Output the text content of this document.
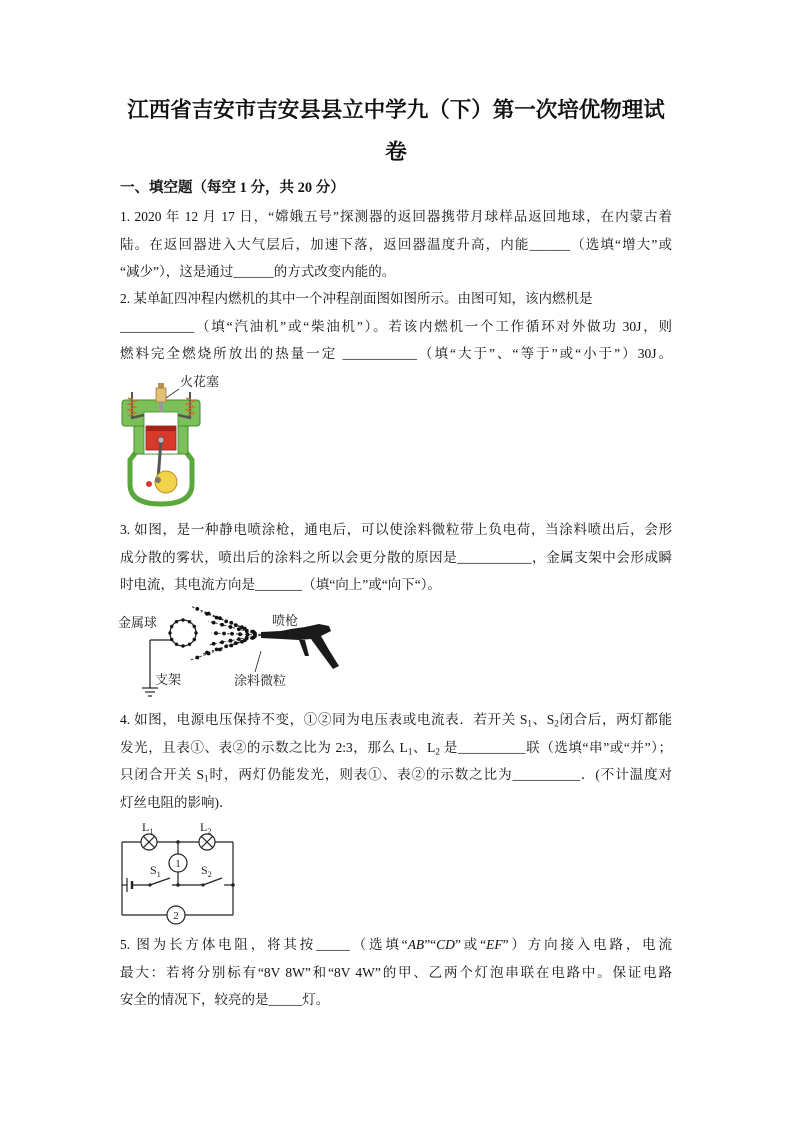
江西省吉安市吉安县县立中学九（下）第一次培优物理试
卷
一、填空题（每空 1 分，共 20 分）
1. 2020 年 12 月 17 日，“嫦娥五号”探测器的返回器携带月球样品返回地球，在内蒙古着
陆。在返回器进入大气层后，加速下落，返回器温度升高，内能______（选填“增大”或
“减少”），这是通过______的方式改变内能的。
2. 某单缸四冲程内燃机的其中一个冲程剖面图如图所示。由图可知，该内燃机是
___________（填“汽油机”或“柴油机”）。若该内燃机一个工作循环对外做功 30J，则
燃料完全燃烧所放出的热量一定 ___________（填“大于”、“等于”或“小于”）30J。
火花塞
3. 如图，是一种静电喷涂枪，通电后，可以使涂料微粒带上负电荷，当涂料喷出后，会形
成分散的雾状，喷出后的涂料之所以会更分散的原因是___________，金属支架中会形成瞬
时电流，其电流方向是_______（填“向上”或“向下“）。
金属球
支架
喷枪
涂料微粒
4. 如图，电源电压保持不变，①②同为电压表或电流表．若开关 $S_1$、$S_2$闭合后，两灯都能
发光，且表①、表②的示数之比为 2:3，那么 $L_1$、$L_2$ 是__________联（选填“串”或“并”）；
只闭合开关 $S_1$时，两灯仍能发光，则表①、表②的示数之比为__________．(不计温度对
灯丝电阻的影响)．
$L_1$	$L_2$
1
2
$S_1$	$S_2$
5. 图为长方体电阻，将其按_____（选填“AB”“CD”或“EF”）方向接入电路，电流
最大：若将分别标有“8V 8W”和“8V 4W”的甲、乙两个灯泡串联在电路中。保证电路
安全的情况下，较亮的是_____灯。
